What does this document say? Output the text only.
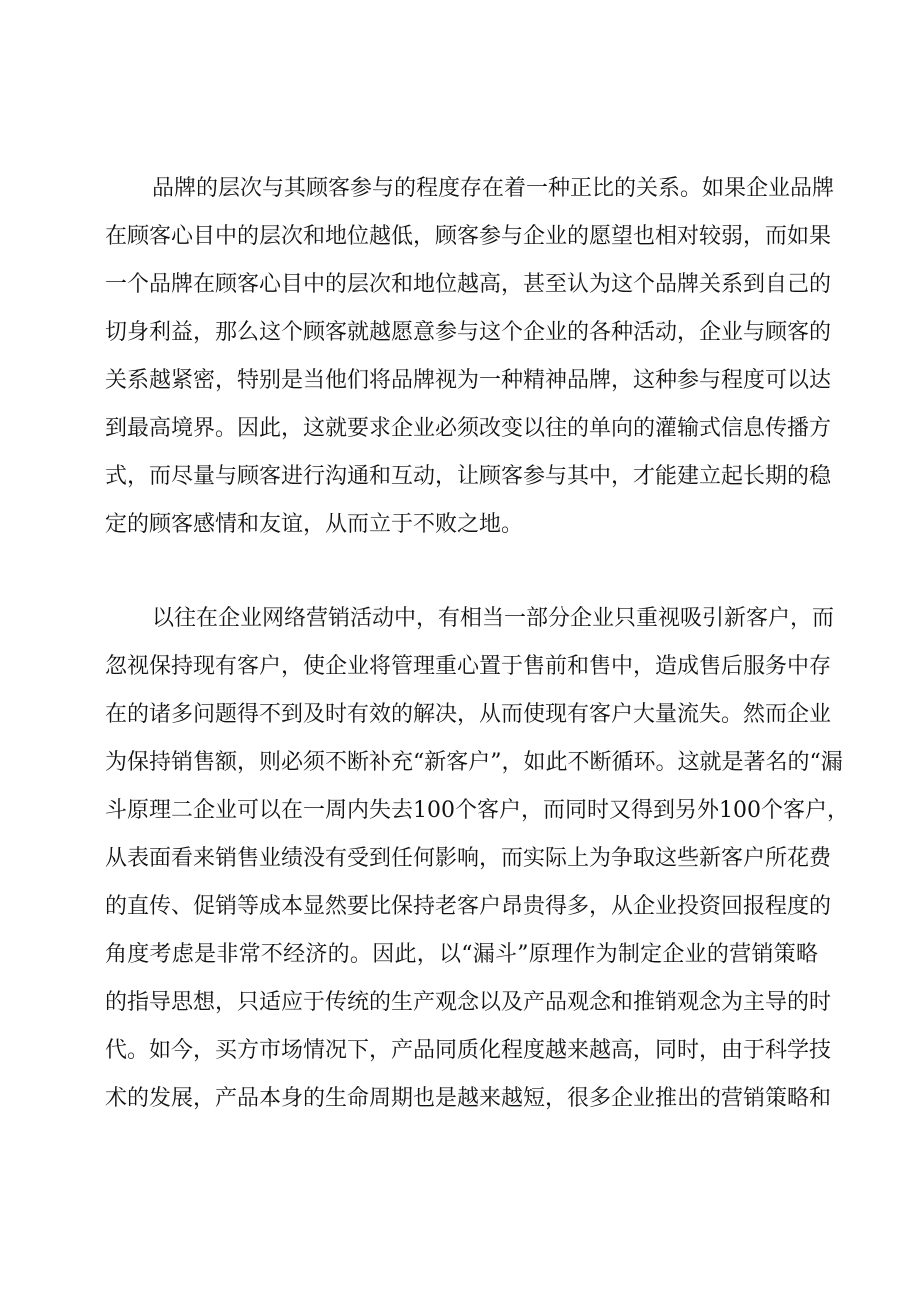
品牌的层次与其顾客参与的程度存在着一种正比的关系。如果企业品牌
在顾客心目中的层次和地位越低，顾客参与企业的愿望也相对较弱，而如果
一个品牌在顾客心目中的层次和地位越高，甚至认为这个品牌关系到自己的
切身利益，那么这个顾客就越愿意参与这个企业的各种活动，企业与顾客的
关系越紧密，特别是当他们将品牌视为一种精神品牌，这种参与程度可以达
到最高境界。因此，这就要求企业必须改变以往的单向的灌输式信息传播方
式，而尽量与顾客进行沟通和互动，让顾客参与其中，才能建立起长期的稳
定的顾客感情和友谊，从而立于不败之地。
以往在企业网络营销活动中，有相当一部分企业只重视吸引新客户，而
忽视保持现有客户，使企业将管理重心置于售前和售中，造成售后服务中存
在的诸多问题得不到及时有效的解决，从而使现有客户大量流失。然而企业
为保持销售额，则必须不断补充“新客户”，如此不断循环。这就是著名的“漏
斗原理二企业可以在一周内失去100个客户，而同时又得到另外100个客户，
从表面看来销售业绩没有受到任何影响，而实际上为争取这些新客户所花费
的直传、促销等成本显然要比保持老客户昂贵得多，从企业投资回报程度的
角度考虑是非常不经济的。因此，以“漏斗”原理作为制定企业的营销策略
的指导思想，只适应于传统的生产观念以及产品观念和推销观念为主导的时
代。如今，买方市场情况下，产品同质化程度越来越高，同时，由于科学技
术的发展，产品本身的生命周期也是越来越短，很多企业推出的营销策略和
